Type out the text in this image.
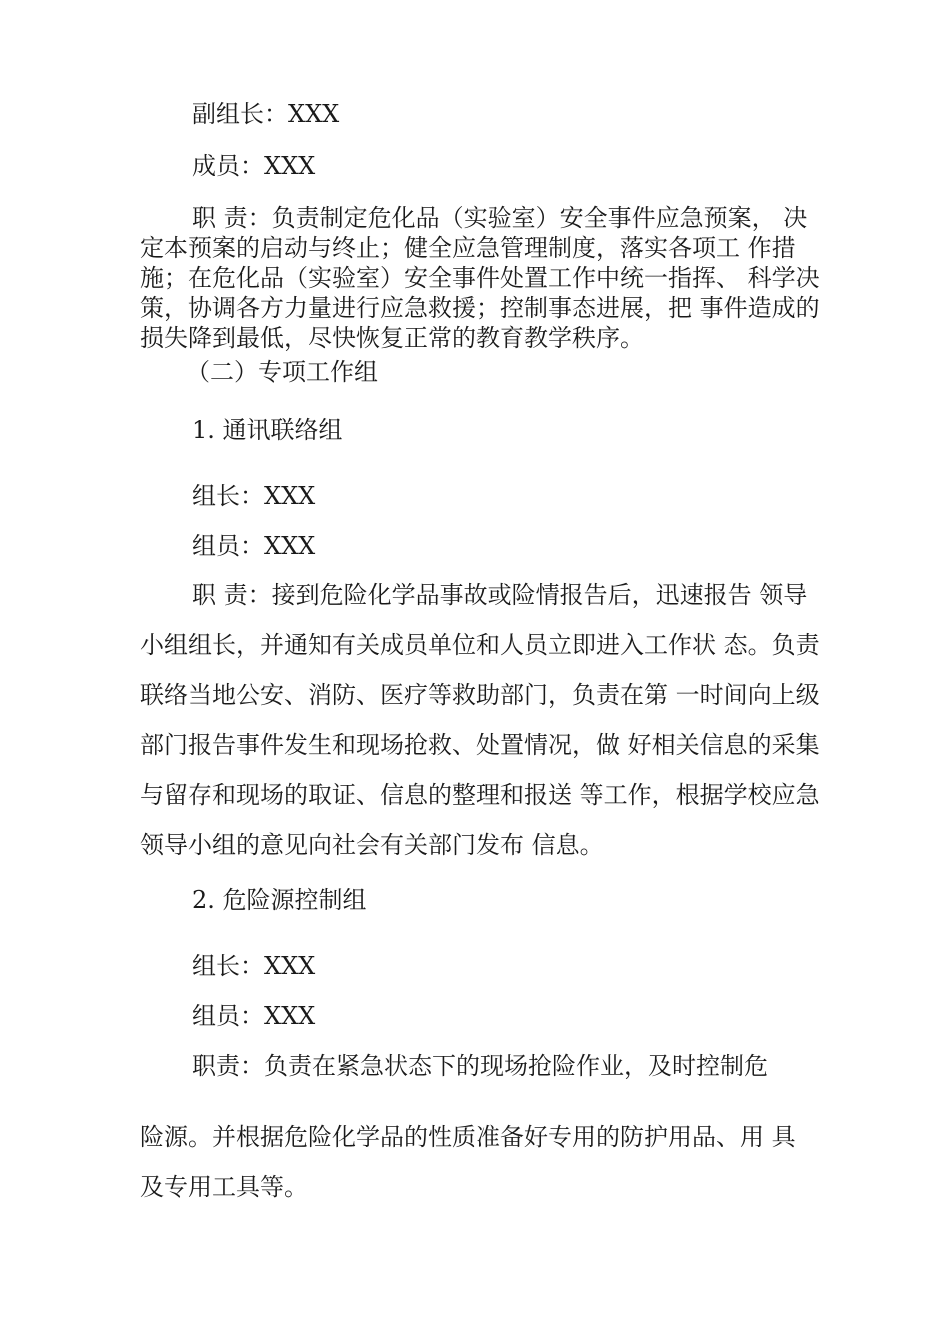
副组长：XXX
成员：XXX
职 责：负责制定危化品（实验室）安全事件应急预案， 决定本预案的启动与终止；健全应急管理制度，落实各项工 作措施；在危化品（实验室）安全事件处置工作中统一指挥、 科学决策，协调各方力量进行应急救援；控制事态进展，把 事件造成的损失降到最低，尽快恢复正常的教育教学秩序。
（二）专项工作组
1. 通讯联络组
组长：XXX
组员：XXX
职 责：接到危险化学品事故或险情报告后，迅速报告 领导小组组长，并通知有关成员单位和人员立即进入工作状 态。负责联络当地公安、消防、医疗等救助部门，负责在第 一时间向上级部门报告事件发生和现场抢救、处置情况，做 好相关信息的采集与留存和现场的取证、信息的整理和报送 等工作，根据学校应急领导小组的意见向社会有关部门发布 信息。
2. 危险源控制组
组长：XXX
组员：XXX
职责：负责在紧急状态下的现场抢险作业，及时控制危
险源。并根据危险化学品的性质准备好专用的防护用品、用 具
及专用工具等。
